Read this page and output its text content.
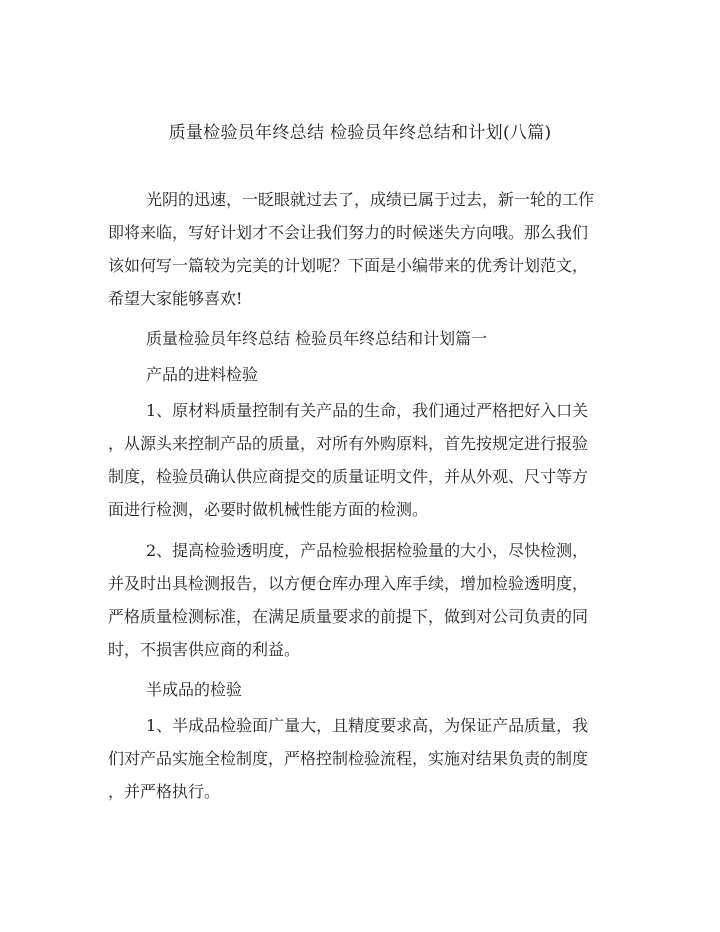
质量检验员年终总结 检验员年终总结和计划(八篇)
光阴的迅速，一眨眼就过去了，成绩已属于过去，新一轮的工作
即将来临，写好计划才不会让我们努力的时候迷失方向哦。那么我们
该如何写一篇较为完美的计划呢？下面是小编带来的优秀计划范文，
希望大家能够喜欢!
质量检验员年终总结 检验员年终总结和计划篇一
产品的进料检验
1、原材料质量控制有关产品的生命，我们通过严格把好入口关
，从源头来控制产品的质量，对所有外购原料，首先按规定进行报验
制度，检验员确认供应商提交的质量证明文件，并从外观、尺寸等方
面进行检测，必要时做机械性能方面的检测。
2、提高检验透明度，产品检验根据检验量的大小，尽快检测，
并及时出具检测报告，以方便仓库办理入库手续，增加检验透明度，
严格质量检测标准，在满足质量要求的前提下，做到对公司负责的同
时，不损害供应商的利益。
半成品的检验
1、半成品检验面广量大，且精度要求高，为保证产品质量，我
们对产品实施全检制度，严格控制检验流程，实施对结果负责的制度
，并严格执行。
